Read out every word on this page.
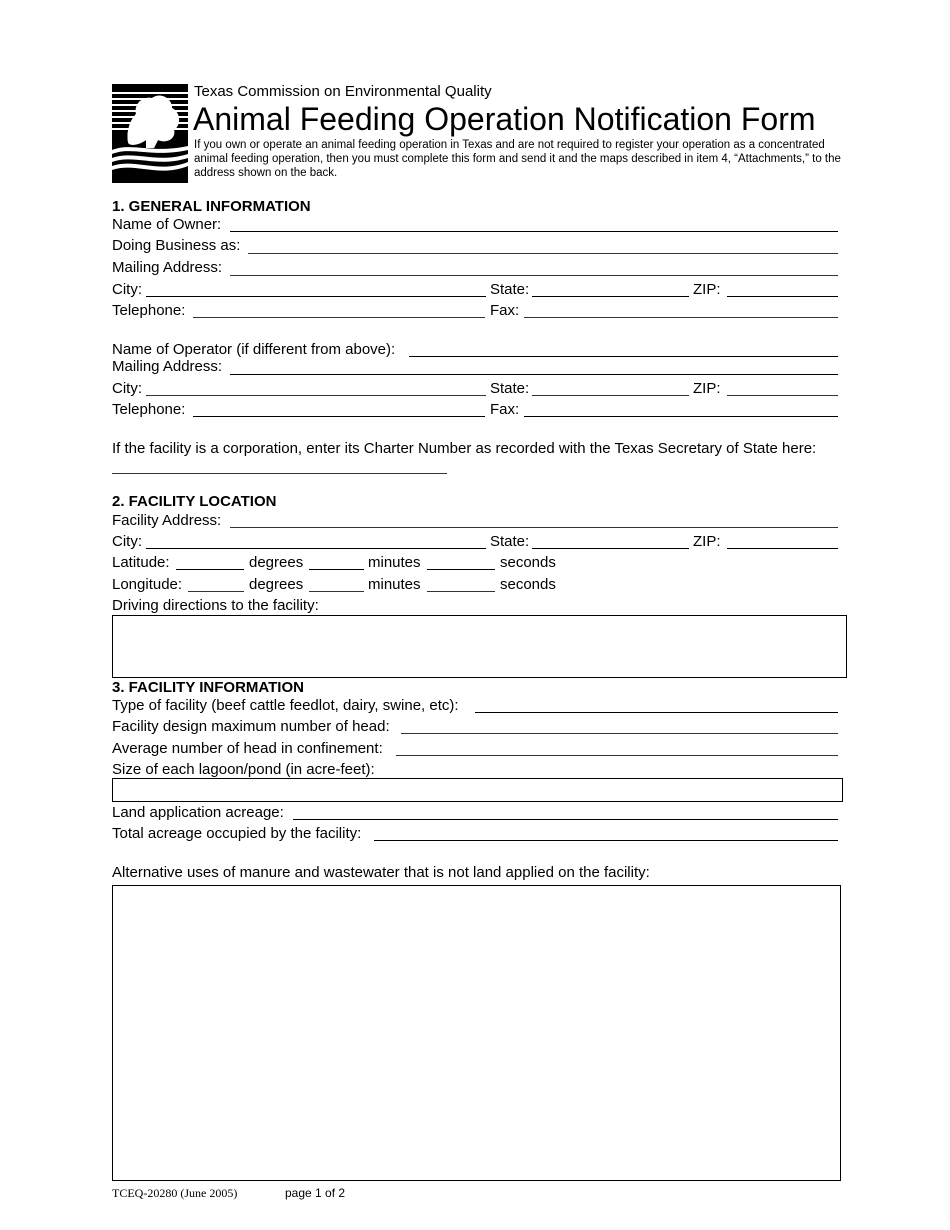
Texas Commission on Environmental Quality
Animal Feeding Operation Notification Form
If you own or operate an animal feeding operation in Texas and are not required to register your operation as a concentrated animal feeding operation, then you must complete this form and send it and the maps described in item 4, “Attachments,” to the address shown on the back.
1. GENERAL INFORMATION
Name of Owner:
Doing Business as:
Mailing Address:
City:	State:	ZIP:
Telephone:	Fax:
Name of Operator (if different from above):
Mailing Address:
City:	State:	ZIP:
Telephone:	Fax:
If the facility is a corporation, enter its Charter Number as recorded with the Texas Secretary of State here:
2. FACILITY LOCATION
Facility Address:
City:	State:	ZIP:
Latitude:	degrees	minutes	seconds
Longitude:	degrees	minutes	seconds
Driving directions to the facility:
3. FACILITY INFORMATION
Type of facility (beef cattle feedlot, dairy, swine, etc):
Facility design maximum number of head:
Average number of head in confinement:
Size of each lagoon/pond (in acre-feet):
Land application acreage:
Total acreage occupied by the facility:
Alternative uses of manure and wastewater that is not land applied on the facility:
TCEQ-20280 (June 2005)	page 1 of 2
